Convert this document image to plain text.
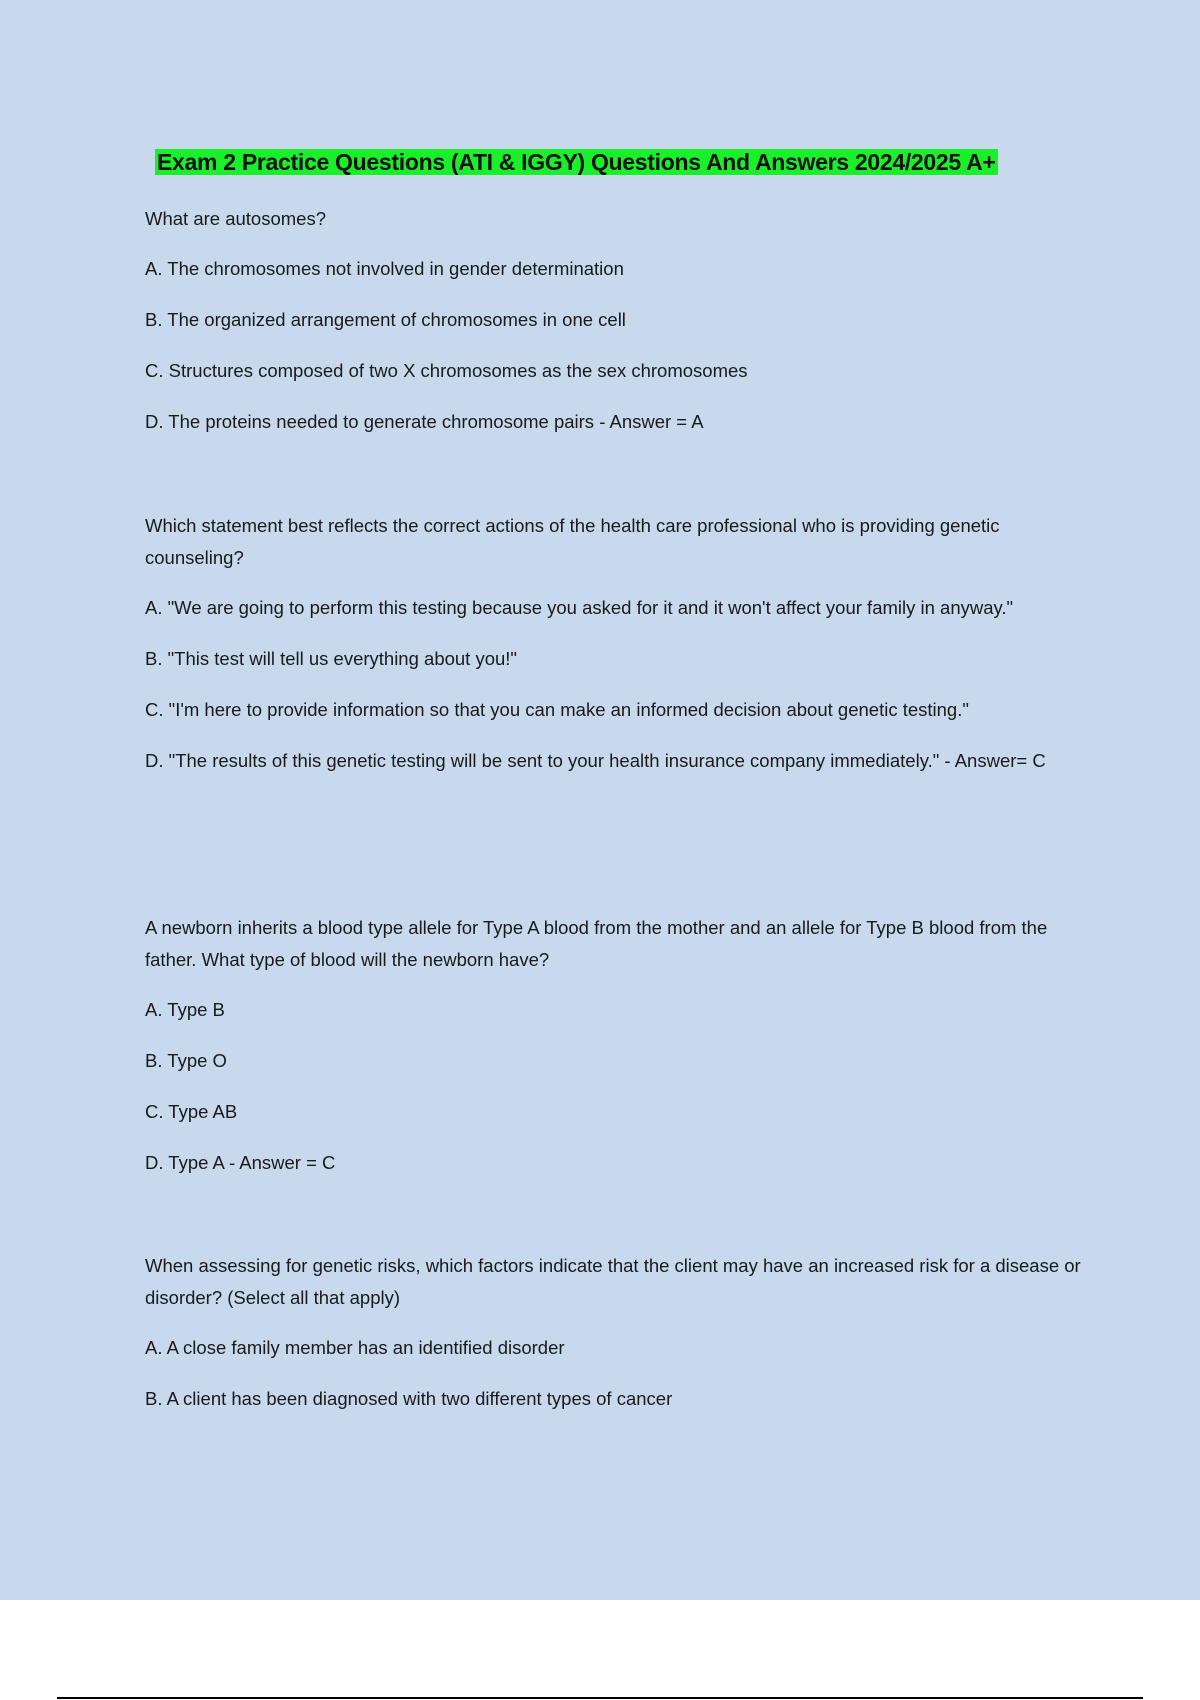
Exam 2 Practice Questions (ATI & IGGY) Questions And Answers 2024/2025 A+

What are autosomes?

A. The chromosomes not involved in gender determination

B. The organized arrangement of chromosomes in one cell

C. Structures composed of two X chromosomes as the sex chromosomes

D. The proteins needed to generate chromosome pairs - Answer = A

Which statement best reflects the correct actions of the health care professional who is providing genetic counseling?

A. "We are going to perform this testing because you asked for it and it won't affect your family in anyway."

B. "This test will tell us everything about you!"

C. "I'm here to provide information so that you can make an informed decision about genetic testing."

D. "The results of this genetic testing will be sent to your health insurance company immediately." - Answer= C

A newborn inherits a blood type allele for Type A blood from the mother and an allele for Type B blood from the father. What type of blood will the newborn have?

A. Type B

B. Type O

C. Type AB

D. Type A - Answer = C

When assessing for genetic risks, which factors indicate that the client may have an increased risk for a disease or disorder? (Select all that apply)

A. A close family member has an identified disorder

B. A client has been diagnosed with two different types of cancer
